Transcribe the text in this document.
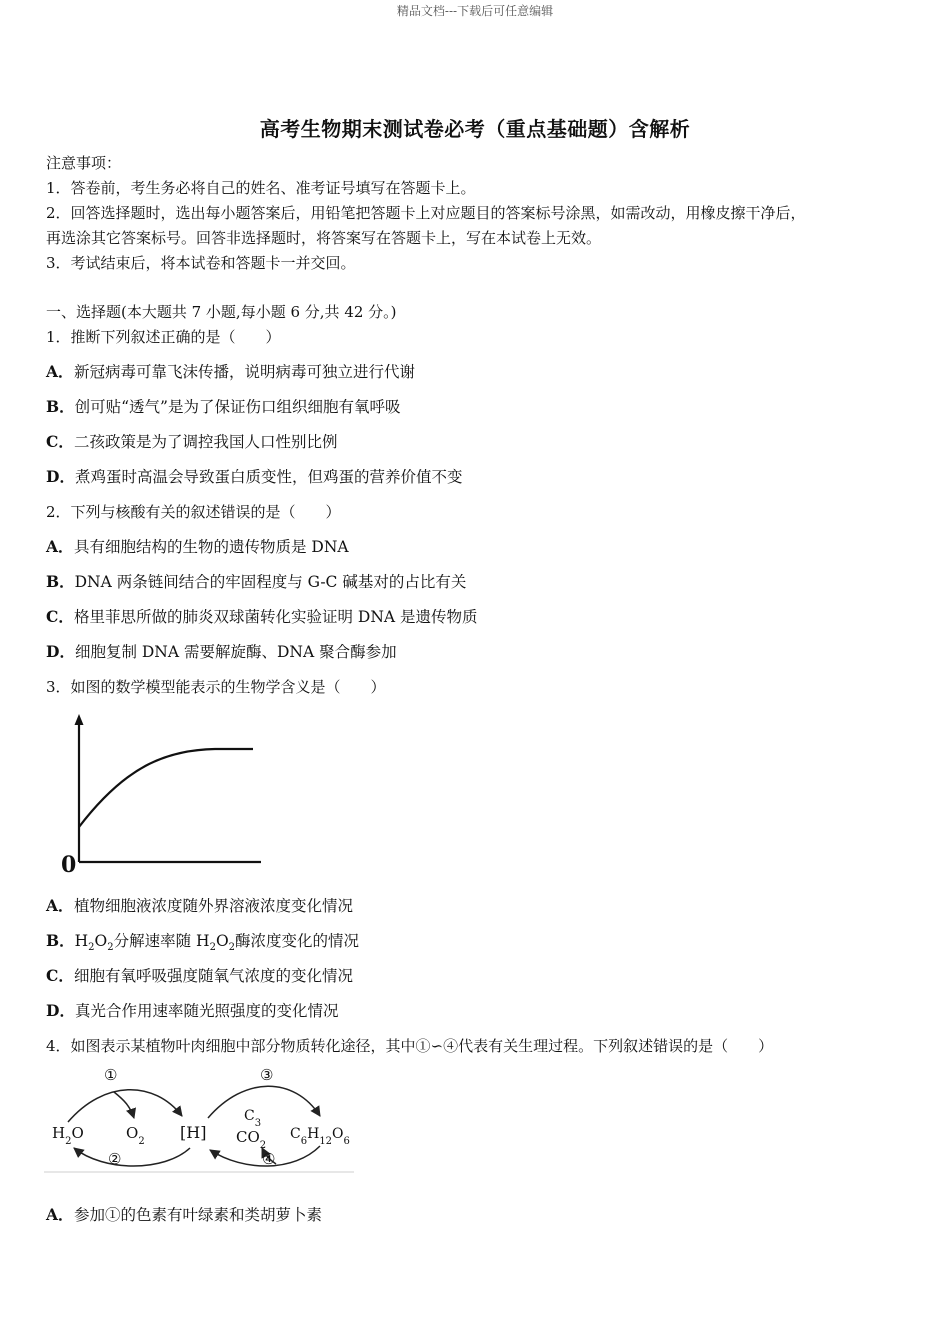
精品文档---下载后可任意编辑
高考生物期末测试卷必考（重点基础题）含解析
注意事项：
1．答卷前，考生务必将自己的姓名、准考证号填写在答题卡上。
2．回答选择题时，选出每小题答案后，用铅笔把答题卡上对应题目的答案标号涂黑，如需改动，用橡皮擦干净后，
再选涂其它答案标号。回答非选择题时，将答案写在答题卡上，写在本试卷上无效。
3．考试结束后，将本试卷和答题卡一并交回。
一、选择题(本大题共 7 小题,每小题 6 分,共 42 分。)
1．推断下列叙述正确的是（　　）
A．新冠病毒可靠飞沫传播，说明病毒可独立进行代谢
B．创可贴“透气”是为了保证伤口组织细胞有氧呼吸
C．二孩政策是为了调控我国人口性别比例
D．煮鸡蛋时高温会导致蛋白质变性，但鸡蛋的营养价值不变
2．下列与核酸有关的叙述错误的是（　　）
A．具有细胞结构的生物的遗传物质是 DNA
B．DNA 两条链间结合的牢固程度与 G-C 碱基对的占比有关
C．格里菲思所做的肺炎双球菌转化实验证明 DNA 是遗传物质
D．细胞复制 DNA 需要解旋酶、DNA 聚合酶参加
3．如图的数学模型能表示的生物学含义是（　　）
0
A．植物细胞液浓度随外界溶液浓度变化情况
B．$H_2O_2$分解速率随 $H_2O_2$酶浓度变化的情况
C．细胞有氧呼吸强度随氧气浓度的变化情况
D．真光合作用速率随光照强度的变化情况
4．如图表示某植物叶肉细胞中部分物质转化途径，其中①∽④代表有关生理过程。下列叙述错误的是（　　）
$H_2O$	$O_2$ [H]
$C_3$
$CO_2$
$C_6H_{12}O_6$
①
②
③
④
A．参加①的色素有叶绿素和类胡萝卜素
